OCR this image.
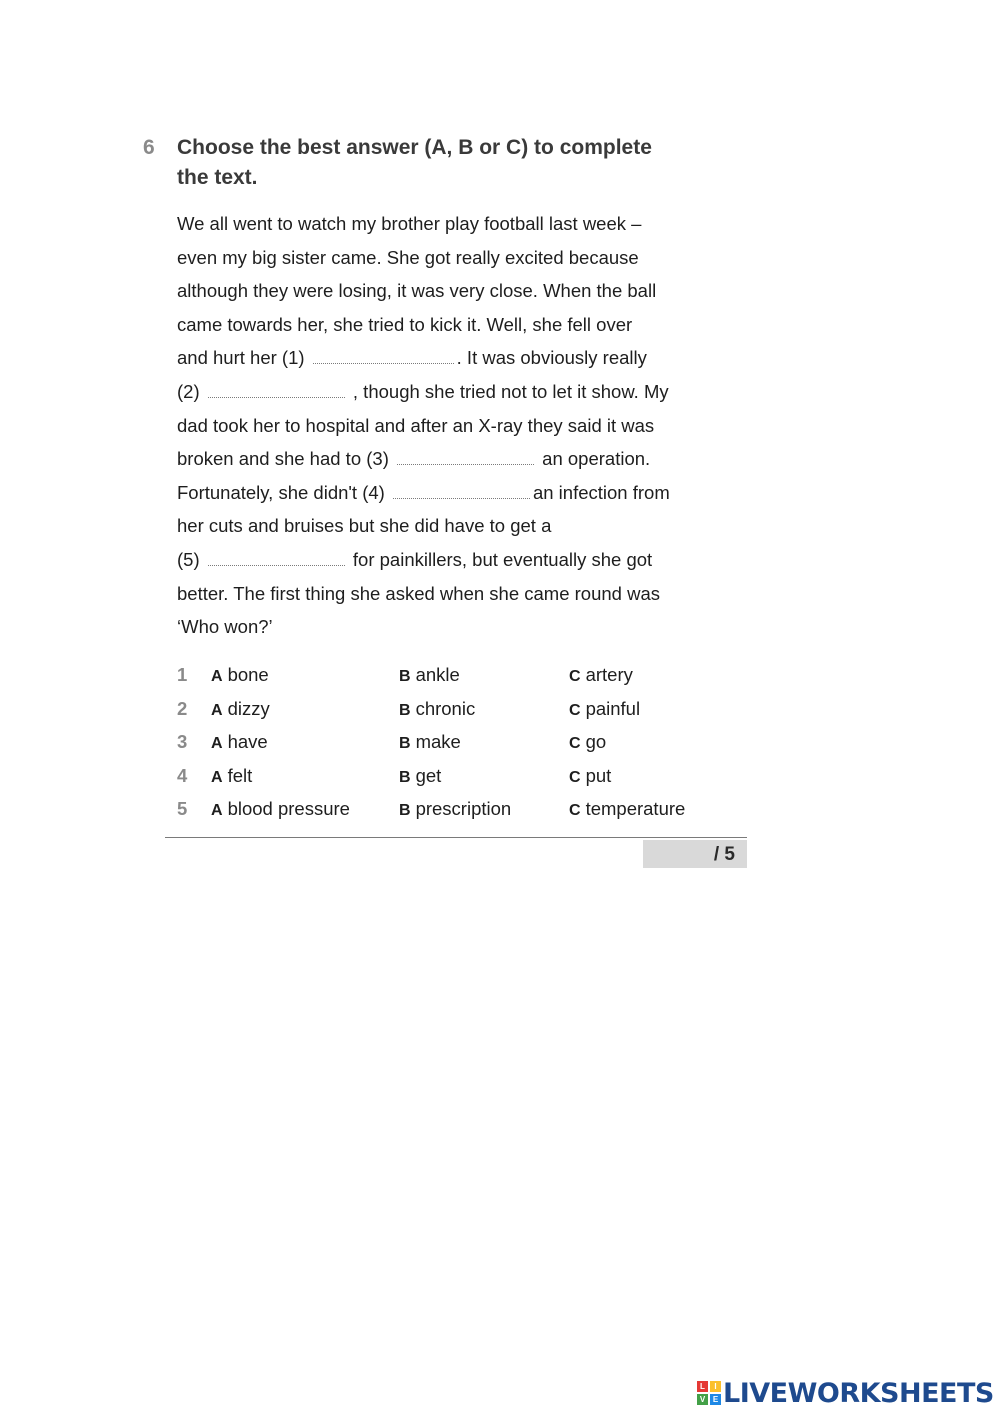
6	Choose the best answer (A, B or C) to complete
the text.
We all went to watch my brother play football last week –
even my big sister came. She got really excited because
although they were losing, it was very close. When the ball
came towards her, she tried to kick it. Well, she fell over
and hurt her (1)	. It was obviously really
(2)	, though she tried not to let it show. My
dad took her to hospital and after an X-ray they said it was
broken and she had to (3)	an operation.
Fortunately, she didn't (4)	an infection from
her cuts and bruises but she did have to get a
(5)	for painkillers, but eventually she got
better. The first thing she asked when she came round was
‘Who won?’
1	A bone	B ankle	C artery
2	A dizzy	B chronic	C painful
3	A have	B make	C go
4	A felt	B get	C put
5	A blood pressure	B prescription	C temperature
/ 5
L	I
V E LIVEWORKSHEETS
